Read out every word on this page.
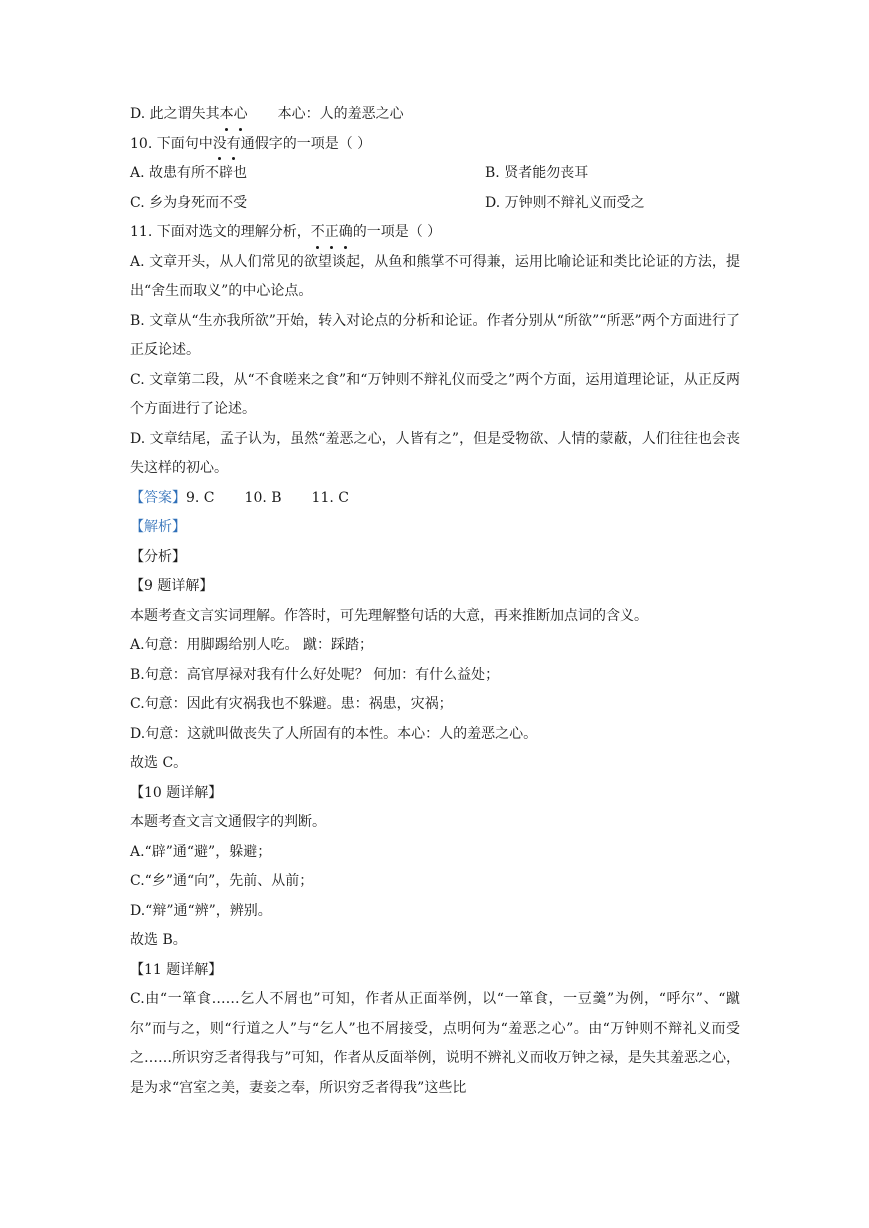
D. 此之谓失其本心 本心：人的羞恶之心
10. 下面句中没有通假字的一项是（ ）
A. 故患有所不辟也	B. 贤者能勿丧耳
C. 乡为身死而不受	D. 万钟则不辩礼义而受之
11. 下面对选文的理解分析，不正确的一项是（ ）
A. 文章开头，从人们常见的欲望谈起，从鱼和熊掌不可得兼，运用比喻论证和类比论证的方法，提出“舍生而取义”的中心论点。
B. 文章从“生亦我所欲”开始，转入对论点的分析和论证。作者分别从“所欲”“所恶”两个方面进行了正反论述。
C. 文章第二段，从“不食嗟来之食”和“万钟则不辩礼仪而受之”两个方面，运用道理论证，从正反两个方面进行了论述。
D. 文章结尾，孟子认为，虽然“羞恶之心，人皆有之”，但是受物欲、人情的蒙蔽，人们往往也会丧失这样的初心。
【答案】9. C 10. B 11. C
【解析】
【分析】
【9 题详解】
本题考查文言实词理解。作答时，可先理解整句话的大意，再来推断加点词的含义。
A.句意：用脚踢给别人吃。 蹴：踩踏；
B.句意：高官厚禄对我有什么好处呢？ 何加：有什么益处；
C.句意：因此有灾祸我也不躲避。患：祸患，灾祸；
D.句意：这就叫做丧失了人所固有的本性。本心：人的羞恶之心。
故选 C。
【10 题详解】
本题考查文言文通假字的判断。
A.“辟”通“避”，躲避；
C.“乡”通“向”，先前、从前；
D.“辩”通“辨”，辨别。
故选 B。
【11 题详解】
C.由“一箪食……乞人不屑也”可知，作者从正面举例，以“一箪食，一豆羹”为例，“呼尔”、“蹴尔”而与之，则“行道之人”与“乞人”也不屑接受，点明何为“羞恶之心”。由“万钟则不辩礼义而受之……所识穷乏者得我与”可知，作者从反面举例，说明不辨礼义而收万钟之禄，是失其羞恶之心，是为求“宫室之美，妻妾之奉，所识穷乏者得我”这些比
